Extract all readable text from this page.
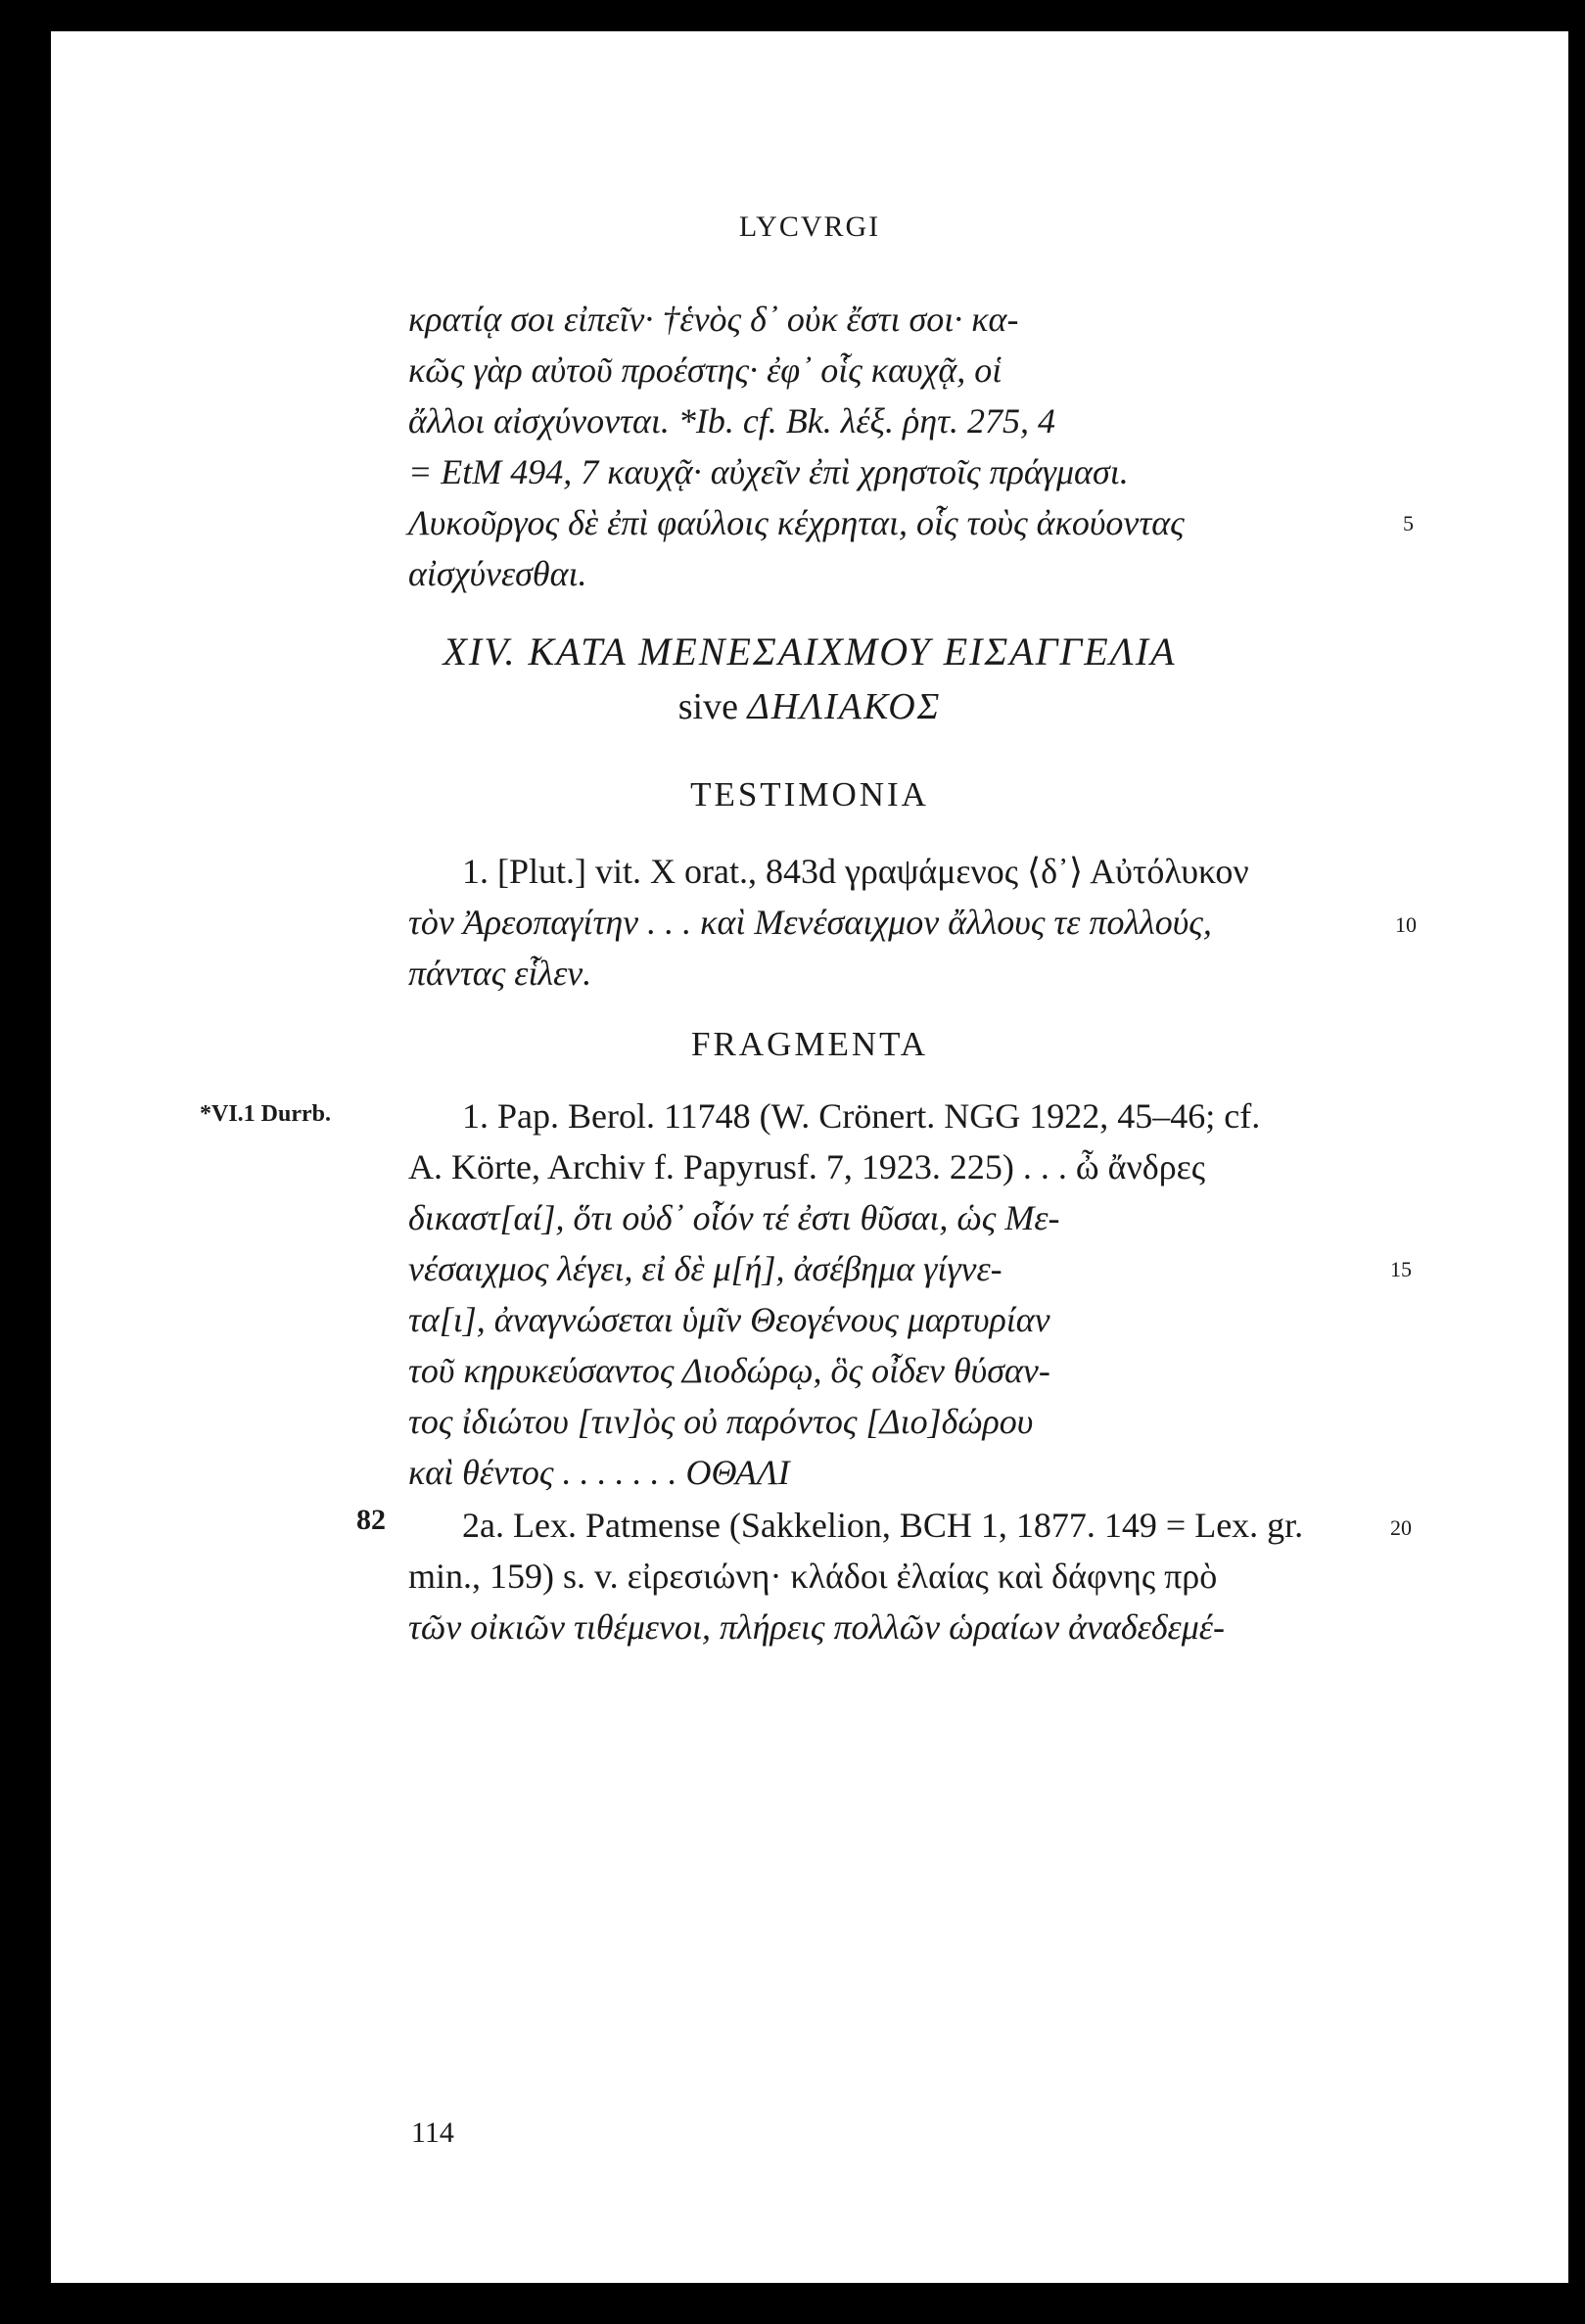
LYCVRGI
κρατίᾳ σοι εἰπεῖν· †ἑνὸς δ᾽ οὐκ ἔστι σοι· κα-
κῶς γὰρ αὐτοῦ προέστης· ἐφ᾽ οἷς καυχᾷ, οἱ
ἄλλοι αἰσχύνονται. *Ib. cf. Bk. λέξ. ῥητ. 275, 4
= EtM 494, 7 καυχᾷ· αὐχεῖν ἐπὶ χρηστοῖς πράγμασι.
Λυκοῦργος δὲ ἐπὶ φαύλοις κέχρηται, οἷς τοὺς ἀκούοντας
αἰσχύνεσθαι.
5
XIV. ΚΑΤΑ ΜΕΝΕΣΑΙΧΜΟΥ ΕΙΣΑΓΓΕΛΙΑ
sive ΔΗΛΙΑΚΟΣ
TESTIMONIA
1. [Plut.] vit. X orat., 843d γραψάμενος ⟨δ᾽⟩ Αὐτόλυκον
τὸν Ἀρεοπαγίτην . . . καὶ Μενέσαιχμον ἄλλους τε πολλούς,
πάντας εἷλεν.
10
FRAGMENTA
*VI.1 Durrb.	1. Pap. Berol. 11748 (W. Crönert. NGG 1922, 45–46; cf.
A. Körte, Archiv f. Papyrusf. 7, 1923. 225) . . . ὦ ἄνδρες
δικαστ[αί], ὅτι οὐδ᾽ οἷόν τέ ἐστι θῦσαι, ὡς Με-
νέσαιχμος λέγει, εἰ δὲ μ[ή], ἀσέβημα γίγνε-
τα[ι], ἀναγνώσεται ὑμῖν Θεογένους μαρτυρίαν
τοῦ κηρυκεύσαντος Διοδώρῳ, ὃς οἶδεν θύσαν-
τος ἰδιώτου [τιν]ὸς οὐ παρόντος [Διο]δώρου
καὶ θέντος . . . . . . . ΟΘΑΛΙ
15
82 2a. Lex. Patmense (Sakkelion, BCH 1, 1877. 149 = Lex. gr.
min., 159) s. v. εἰρεσιώνη· κλάδοι ἐλαίας καὶ δάφνης πρὸ
τῶν οἰκιῶν τιθέμενοι, πλήρεις πολλῶν ὡραίων ἀναδεδεμέ-
20
114
